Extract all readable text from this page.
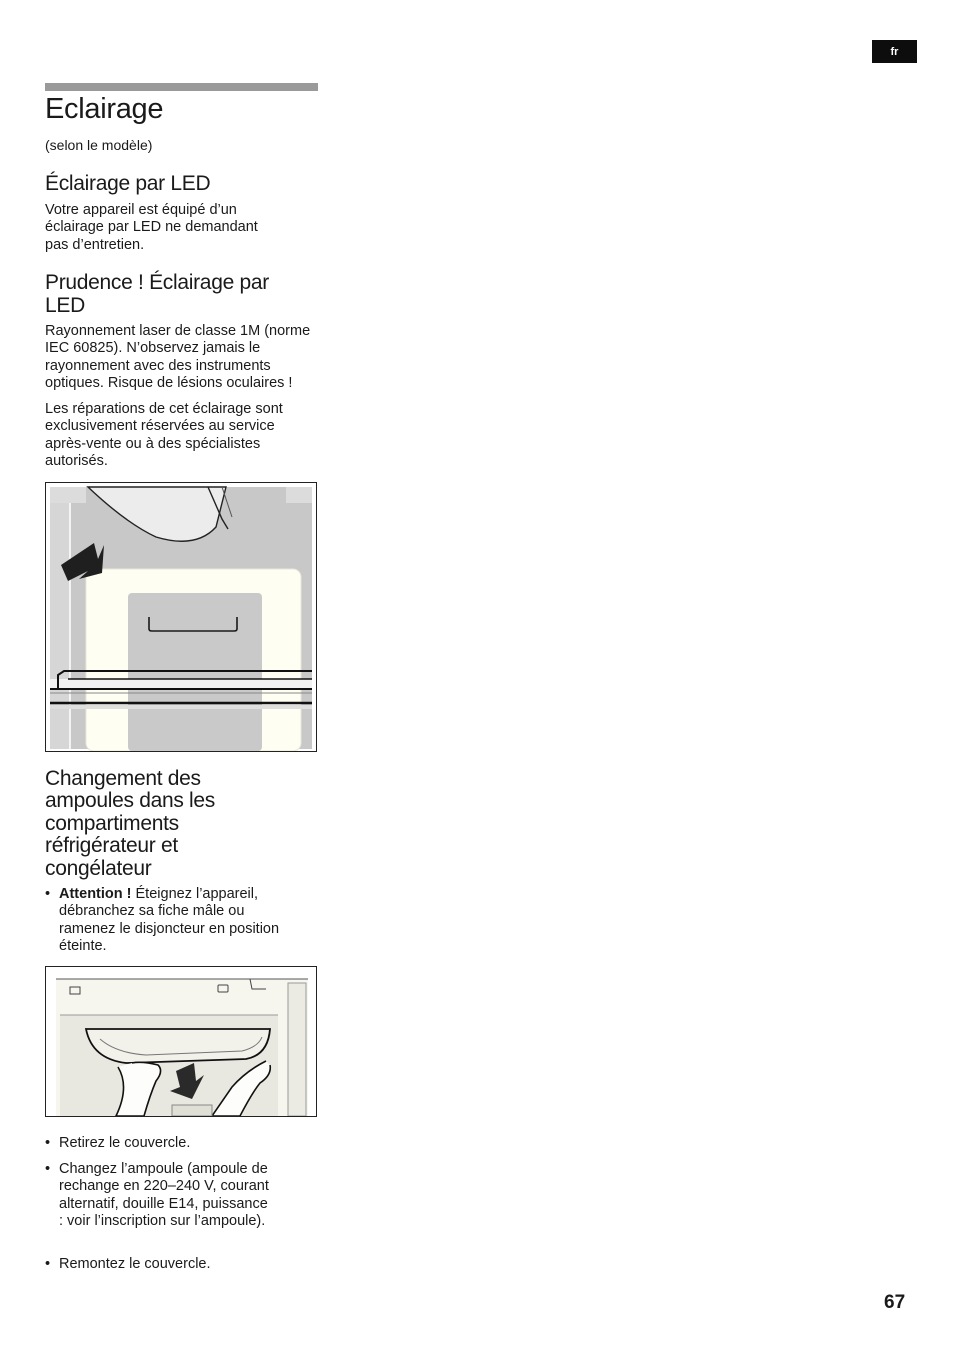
fr
Eclairage

(selon le modèle)

Éclairage par LED

Votre appareil est équipé d’un éclairage par LED ne demandant pas d’entretien.

Prudence ! Éclairage par LED

Rayonnement laser de classe 1M (norme IEC 60825). N’observez jamais le rayonnement avec des instruments optiques. Risque de lésions oculaires !

Les réparations de cet éclairage sont exclusivement réservées au service après-vente ou à des spécialistes autorisés.

Changement des ampoules dans les compartiments réfrigérateur et congélateur
• Attention ! Éteignez l’appareil, débranchez sa fiche mâle ou ramenez le disjoncteur en position éteinte.
• Retirez le couvercle.
• Changez l’ampoule (ampoule de rechange en 220–240 V, courant alternatif, douille E14, puissance : voir l’inscription sur l’ampoule).
• Remontez le couvercle.
67
